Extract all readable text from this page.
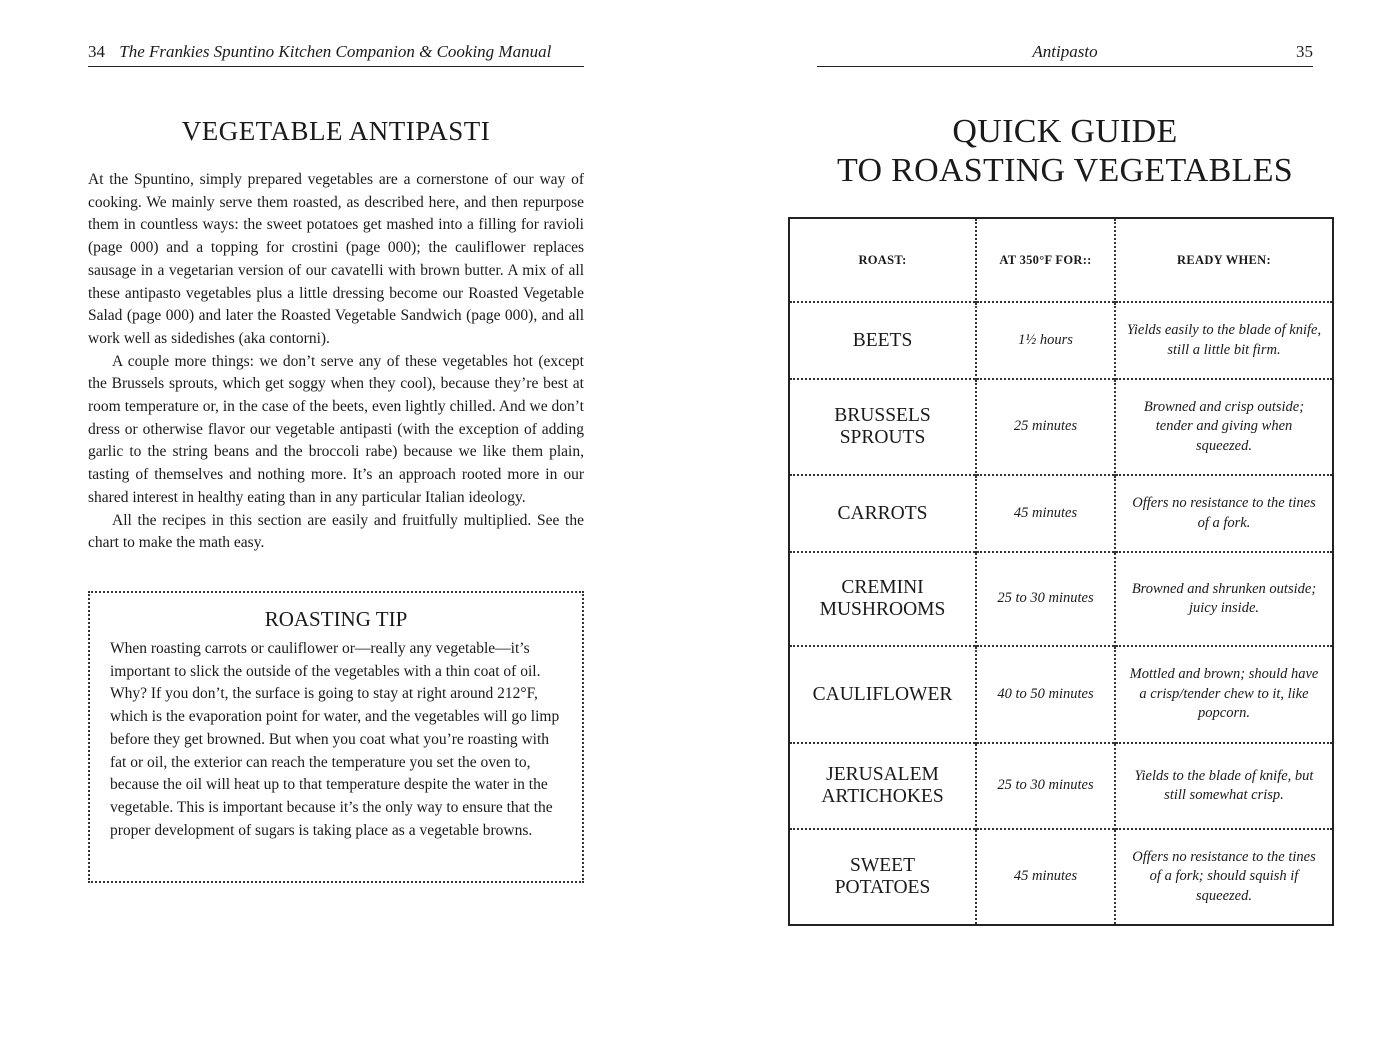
34 The Frankies Spuntino Kitchen Companion & Cooking Manual
VEGETABLE ANTIPASTI

At the Spuntino, simply prepared vegetables are a cornerstone of our way of cooking. We mainly serve them roasted, as described here, and then repurpose them in countless ways: the sweet potatoes get mashed into a filling for ravioli (page 000) and a topping for crostini (page 000); the cauliflower replaces sausage in a vegetarian version of our cavatelli with brown butter. A mix of all these antipasto vegetables plus a little dressing become our Roasted Vegetable Salad (page 000) and later the Roasted Vegetable Sandwich (page 000), and all work well as sidedishes (aka contorni).

A couple more things: we don’t serve any of these vegetables hot (except the Brussels sprouts, which get soggy when they cool), because they’re best at room temperature or, in the case of the beets, even lightly chilled. And we don’t dress or otherwise flavor our vegetable antipasti (with the exception of adding garlic to the string beans and the broccoli rabe) because we like them plain, tasting of themselves and nothing more. It’s an approach rooted more in our shared interest in healthy eating than in any particular Italian ideology.

All the recipes in this section are easily and fruitfully multiplied. See the chart to make the math easy.

ROASTING TIP
When roasting carrots or cauliflower or—really any vegetable—it’s important to slick the outside of the vegetables with a thin coat of oil. Why? If you don’t, the surface is going to stay at right around 212°F, which is the evaporation point for water, and the vegetables will go limp before they get browned. But when you coat what you’re roasting with fat or oil, the exterior can reach the temperature you set the oven to, because the oil will heat up to that temperature despite the water in the vegetable. This is important because it’s the only way to ensure that the proper development of sugars is taking place as a vegetable browns.
Antipasto	35
QUICK GUIDE
TO ROASTING VEGETABLES
ROAST:	AT 350°F FOR::	READY WHEN:
BEETS	1½ hours	Yields easily to the blade of knife, still a little bit firm.
BRUSSELS SPROUTS	25 minutes	Browned and crisp outside; tender and giving when squeezed.
CARROTS	45 minutes	Offers no resistance to the tines of a fork.
CREMINI MUSHROOMS	25 to 30 minutes	Browned and shrunken outside; juicy inside.
CAULIFLOWER	40 to 50 minutes	Mottled and brown; should have a crisp/tender chew to it, like popcorn.
JERUSALEM ARTICHOKES	25 to 30 minutes	Yields to the blade of knife, but still somewhat crisp.
SWEET POTATOES	45 minutes	Offers no resistance to the tines of a fork; should squish if squeezed.
